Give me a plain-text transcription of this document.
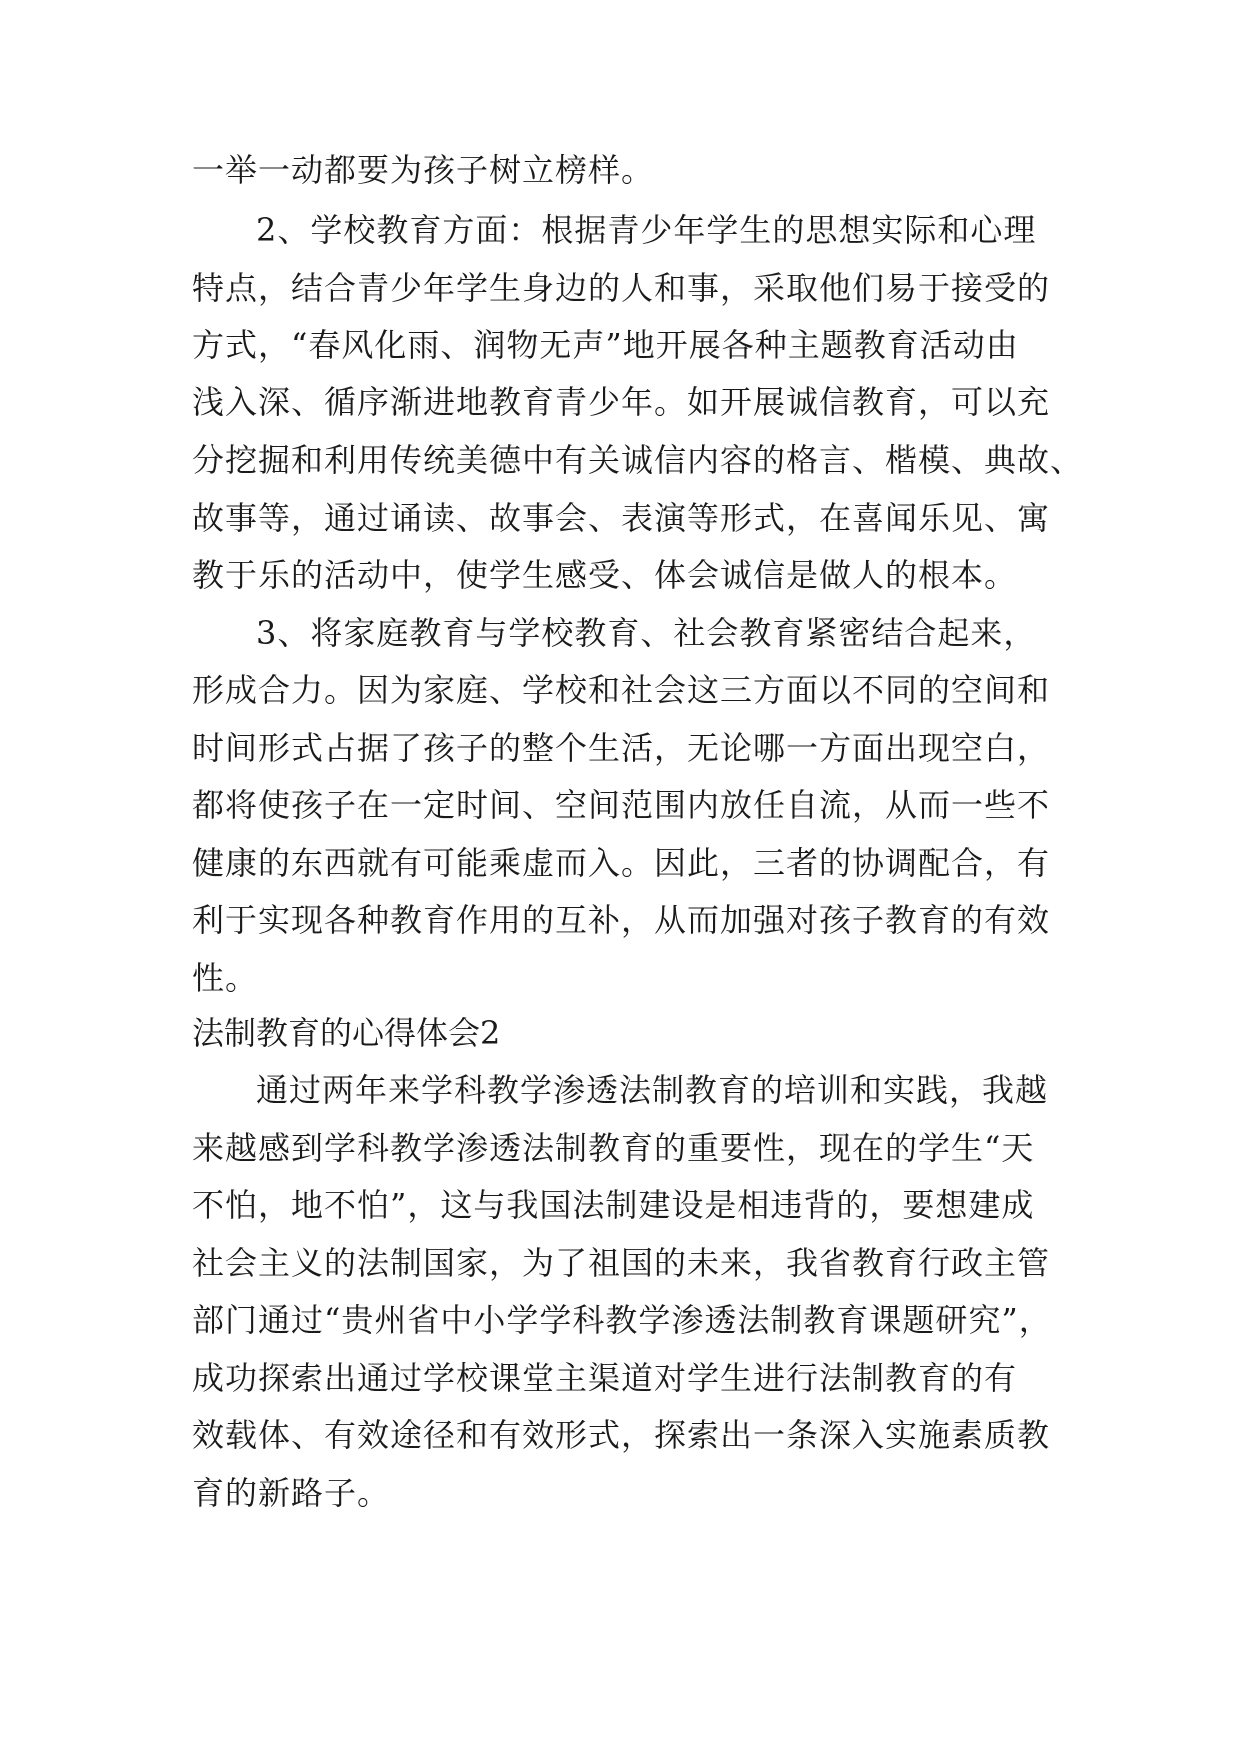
一举一动都要为孩子树立榜样。
2、学校教育方面：根据青少年学生的思想实际和心理
特点，结合青少年学生身边的人和事，采取他们易于接受的
方式，“春风化雨、润物无声”地开展各种主题教育活动由
浅入深、循序渐进地教育青少年。如开展诚信教育，可以充
分挖掘和利用传统美德中有关诚信内容的格言、楷模、典故、
故事等，通过诵读、故事会、表演等形式，在喜闻乐见、寓
教于乐的活动中，使学生感受、体会诚信是做人的根本。
3、将家庭教育与学校教育、社会教育紧密结合起来，
形成合力。因为家庭、学校和社会这三方面以不同的空间和
时间形式占据了孩子的整个生活，无论哪一方面出现空白，
都将使孩子在一定时间、空间范围内放任自流，从而一些不
健康的东西就有可能乘虚而入。因此，三者的协调配合，有
利于实现各种教育作用的互补，从而加强对孩子教育的有效
性。
法制教育的心得体会2
通过两年来学科教学渗透法制教育的培训和实践，我越
来越感到学科教学渗透法制教育的重要性，现在的学生“天
不怕，地不怕”，这与我国法制建设是相违背的，要想建成
社会主义的法制国家，为了祖国的未来，我省教育行政主管
部门通过“贵州省中小学学科教学渗透法制教育课题研究”，
成功探索出通过学校课堂主渠道对学生进行法制教育的有
效载体、有效途径和有效形式，探索出一条深入实施素质教
育的新路子。
